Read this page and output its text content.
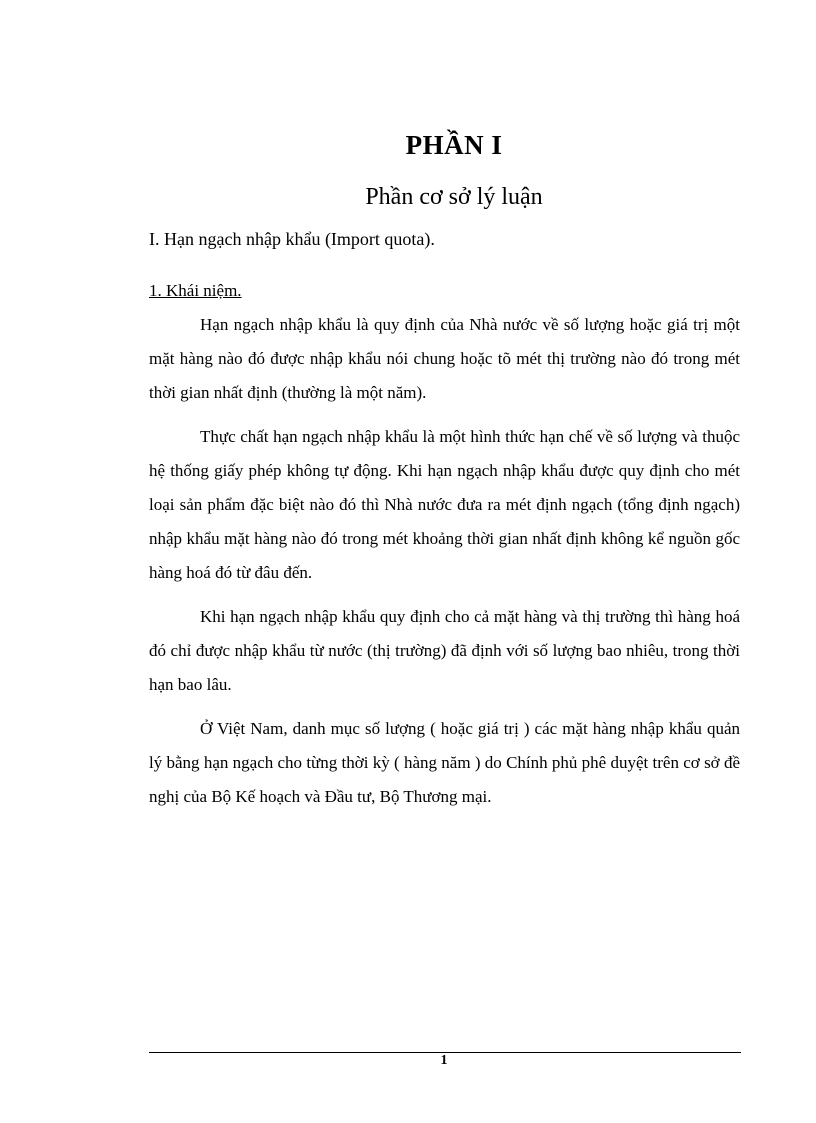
PHẦN I
Phần cơ sở lý luận
I. Hạn ngạch nhập khẩu (Import quota).
1. Khái niệm.

Hạn ngạch nhập khẩu là quy định của Nhà nước về số lượng hoặc giá trị một mặt hàng nào đó được nhập khẩu nói chung hoặc tõ mét thị trường nào đó trong mét thời gian nhất định (thường là một năm).

Thực chất hạn ngạch nhập khẩu là một hình thức hạn chế về số lượng và thuộc hệ thống giấy phép không tự động. Khi hạn ngạch nhập khẩu được quy định cho mét loại sản phẩm đặc biệt nào đó thì Nhà nước đưa ra mét định ngạch (tổng định ngạch) nhập khẩu mặt hàng nào đó trong mét khoảng thời gian nhất định không kể nguồn gốc hàng hoá đó từ đâu đến.

Khi hạn ngạch nhập khẩu quy định cho cả mặt hàng và thị trường thì hàng hoá đó chỉ được nhập khẩu từ nước (thị trường) đã định với số lượng bao nhiêu, trong thời hạn bao lâu.

Ở Việt Nam, danh mục số lượng ( hoặc giá trị ) các mặt hàng nhập khẩu quản lý bằng hạn ngạch cho từng thời kỳ ( hàng năm ) do Chính phủ phê duyệt trên cơ sở đề nghị của Bộ Kế hoạch và Đầu tư, Bộ Thương mại.

1
